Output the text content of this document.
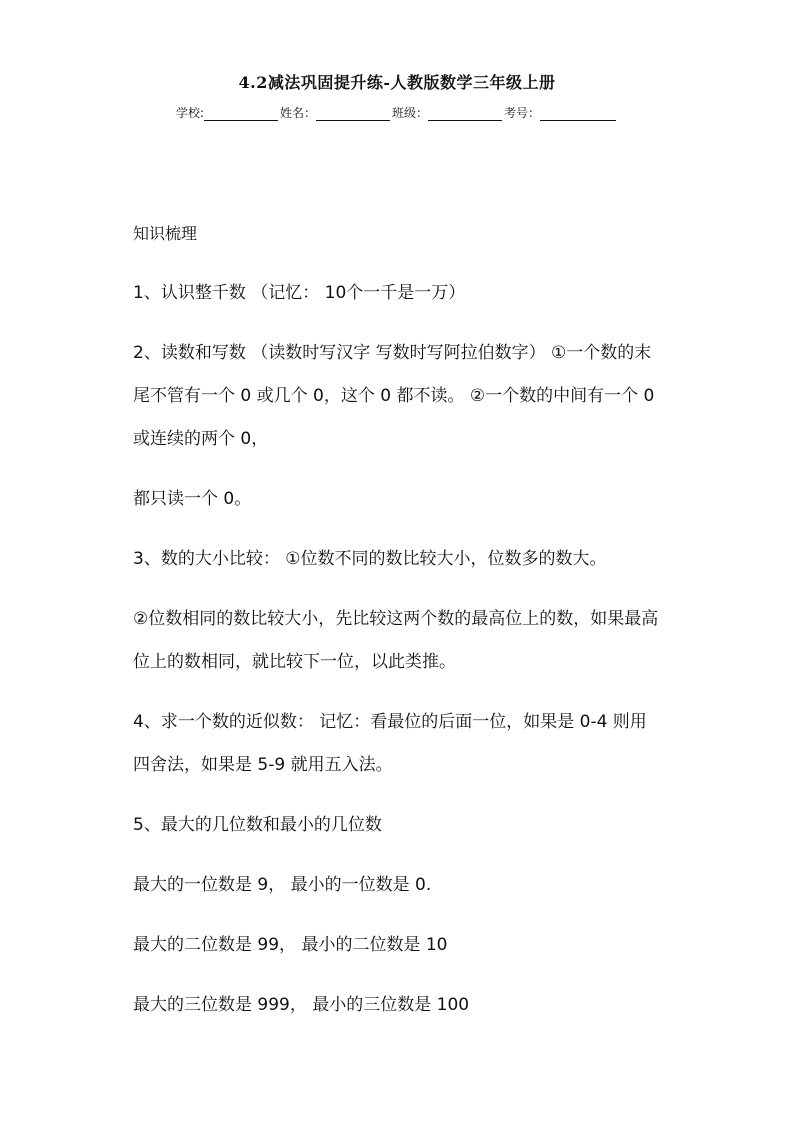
4.2减法巩固提升练-人教版数学三年级上册
学校:	姓名：	班级：	考号：

知识梳理

1、认识整千数 （记忆： 10个一千是一万）

2、读数和写数 （读数时写汉字 写数时写阿拉伯数字） ①一个数的末尾不管有一个 0 或几个 0，这个 0 都不读。 ②一个数的中间有一个 0 或连续的两个 0，

都只读一个 0。

3、数的大小比较： ①位数不同的数比较大小，位数多的数大。

②位数相同的数比较大小，先比较这两个数的最高位上的数，如果最高位上的数相同，就比较下一位，以此类推。

4、求一个数的近似数： 记忆：看最位的后面一位，如果是 0-4 则用四舍法，如果是 5-9 就用五入法。

5、最大的几位数和最小的几位数

最大的一位数是 9， 最小的一位数是 0.

最大的二位数是 99， 最小的二位数是 10

最大的三位数是 999， 最小的三位数是 100
